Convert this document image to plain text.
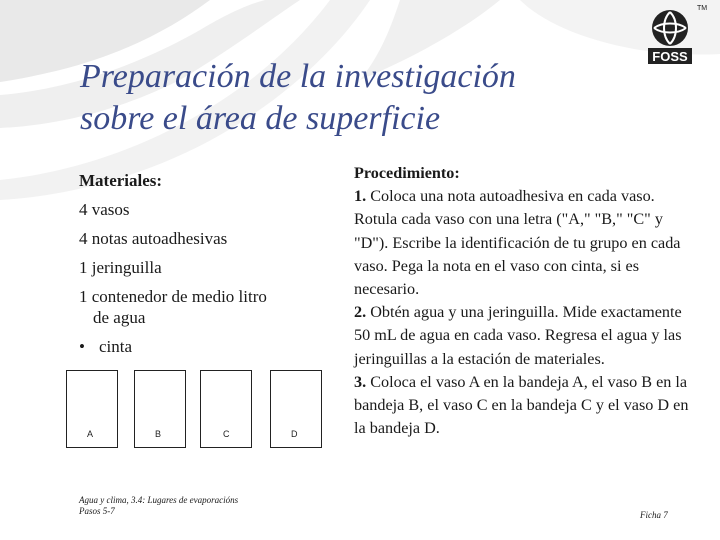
FOSS
TM
Preparación de la investigación
sobre el área de superficie
Materiales:
4 vasos
4 notas autoadhesivas
1 jeringuilla
1 contenedor de medio litro
de agua
• cinta
A	B	C	D
Procedimiento:
1. Coloca una nota autoadhesiva en cada vaso. Rotula cada vaso con una letra ("A," "B," "C" y "D"). Escribe la identificación de tu grupo en cada vaso. Pega la nota en el vaso con cinta, si es necesario.
2. Obtén agua y una jeringuilla. Mide exactamente 50 mL de agua en cada vaso. Regresa el agua y las jeringuillas a la estación de materiales.
3. Coloca el vaso A en la bandeja A, el vaso B en la bandeja B, el vaso C en la bandeja C y el vaso D en la bandeja D.
Agua y clima, 3.4: Lugares de evaporacións
Pasos 5-7	Ficha 7
